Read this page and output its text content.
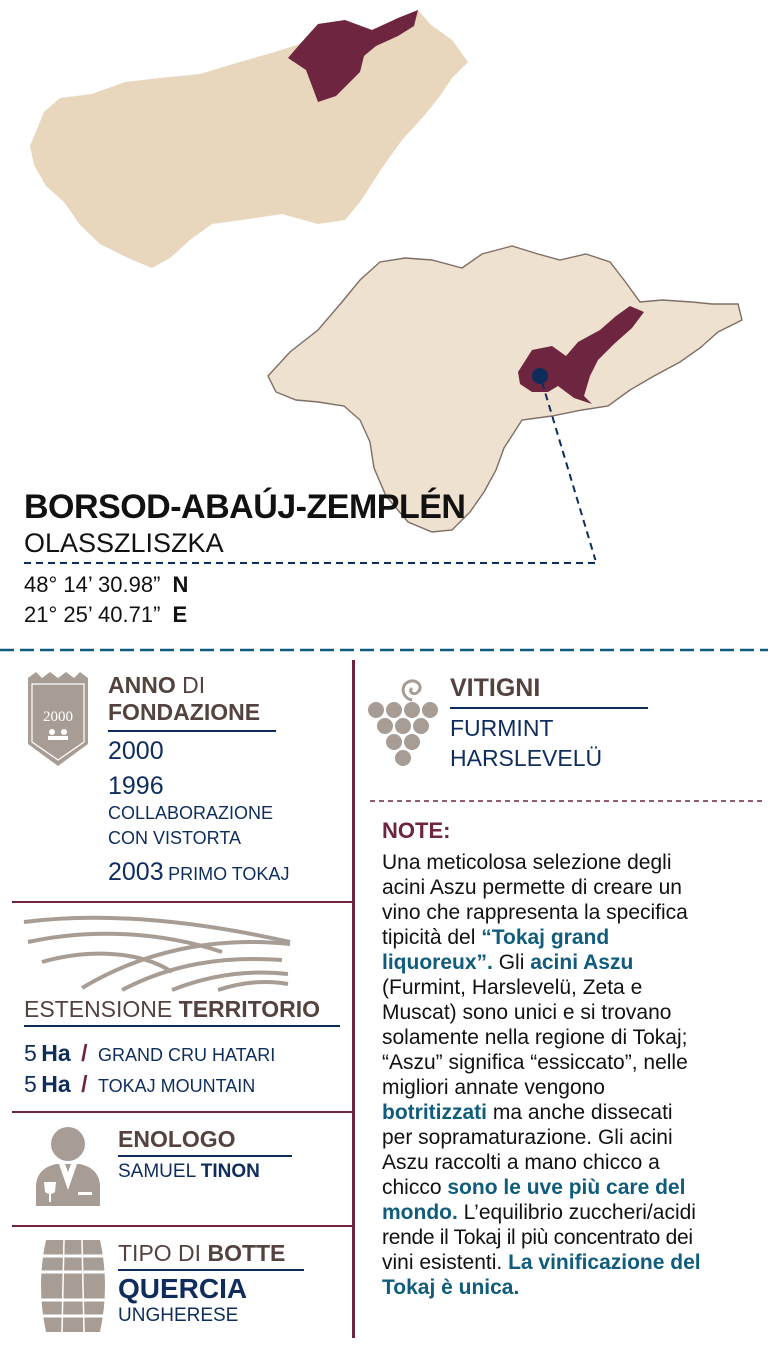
BORSOD-ABAÚJ-ZEMPLÉN
OLASSZLISZKA
48° 14’ 30.98” N
21° 25’ 40.71” E
2000
ANNO DI
FONDAZIONE
2000
1996
COLLABORAZIONE
CON VISTORTA
2003 PRIMO TOKAJ
ESTENSIONE TERRITORIO
5 Ha / GRAND CRU HATARI
5 Ha / TOKAJ MOUNTAIN
ENOLOGO
SAMUEL TINON
TIPO DI BOTTE
QUERCIA
UNGHERESE
VITIGNI
FURMINT
HARSLEVELÜ
NOTE:
Una meticolosa selezione degli
acini Aszu permette di creare un
vino che rappresenta la specifica
tipicità del “Tokaj grand
liquoreux”. Gli acini Aszu
(Furmint, Harslevelü, Zeta e
Muscat) sono unici e si trovano
solamente nella regione di Tokaj;
“Aszu” significa “essiccato”, nelle
migliori annate vengono
botritizzati ma anche dissecati
per sopramaturazione. Gli acini
Aszu raccolti a mano chicco a
chicco sono le uve più care del
mondo. L’equilibrio zuccheri/acidi
rende il Tokaj il più concentrato dei
vini esistenti. La vinificazione del
Tokaj è unica.
